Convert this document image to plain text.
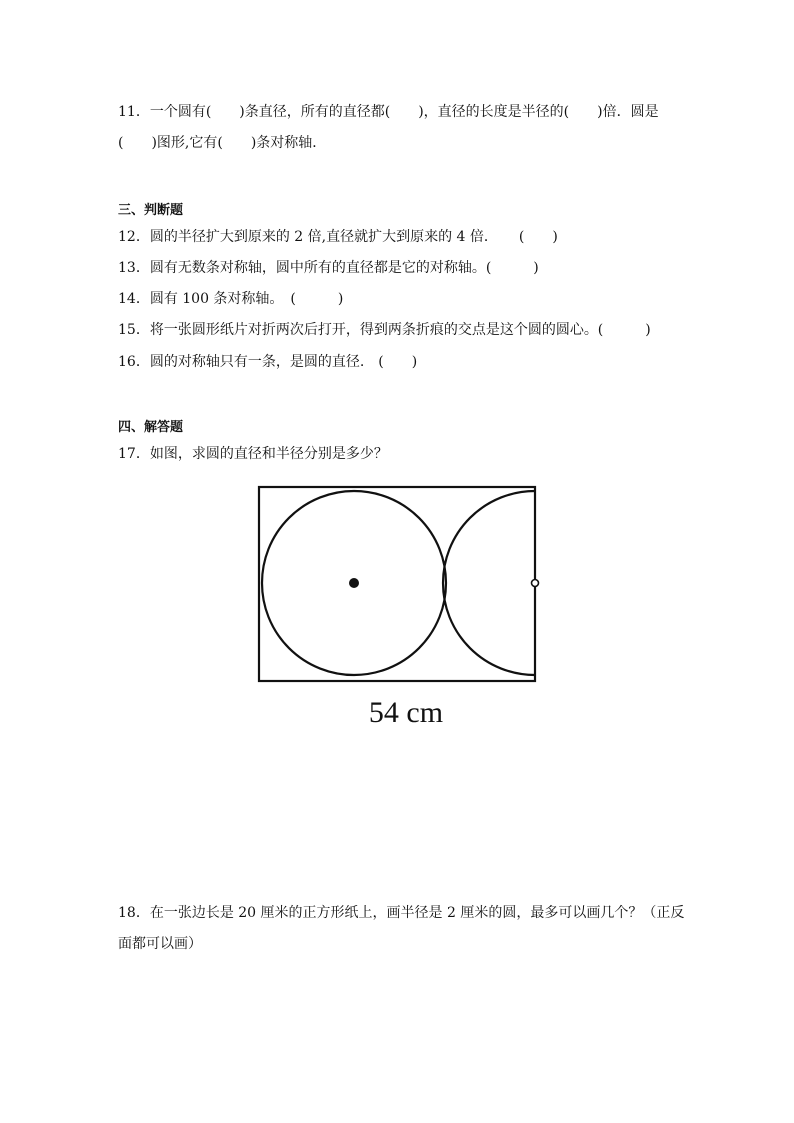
11．一个圆有(　　)条直径，所有的直径都(　　)，直径的长度是半径的(　　)倍．圆是
(　　)图形,它有(　　)条对称轴．
三、判断题
12．圆的半径扩大到原来的 2 倍,直径就扩大到原来的 4 倍．　　(　　)
13．圆有无数条对称轴，圆中所有的直径都是它的对称轴。(　　　)
14．圆有 100 条对称轴。　(　　　)
15．将一张圆形纸片对折两次后打开，得到两条折痕的交点是这个圆的圆心。(　　　)
16．圆的对称轴只有一条，是圆的直径.　(　　)
四、解答题
17．如图，求圆的直径和半径分别是多少？
54 cm
18．在一张边长是 20 厘米的正方形纸上，画半径是 2 厘米的圆，最多可以画几个？（正反
面都可以画）
